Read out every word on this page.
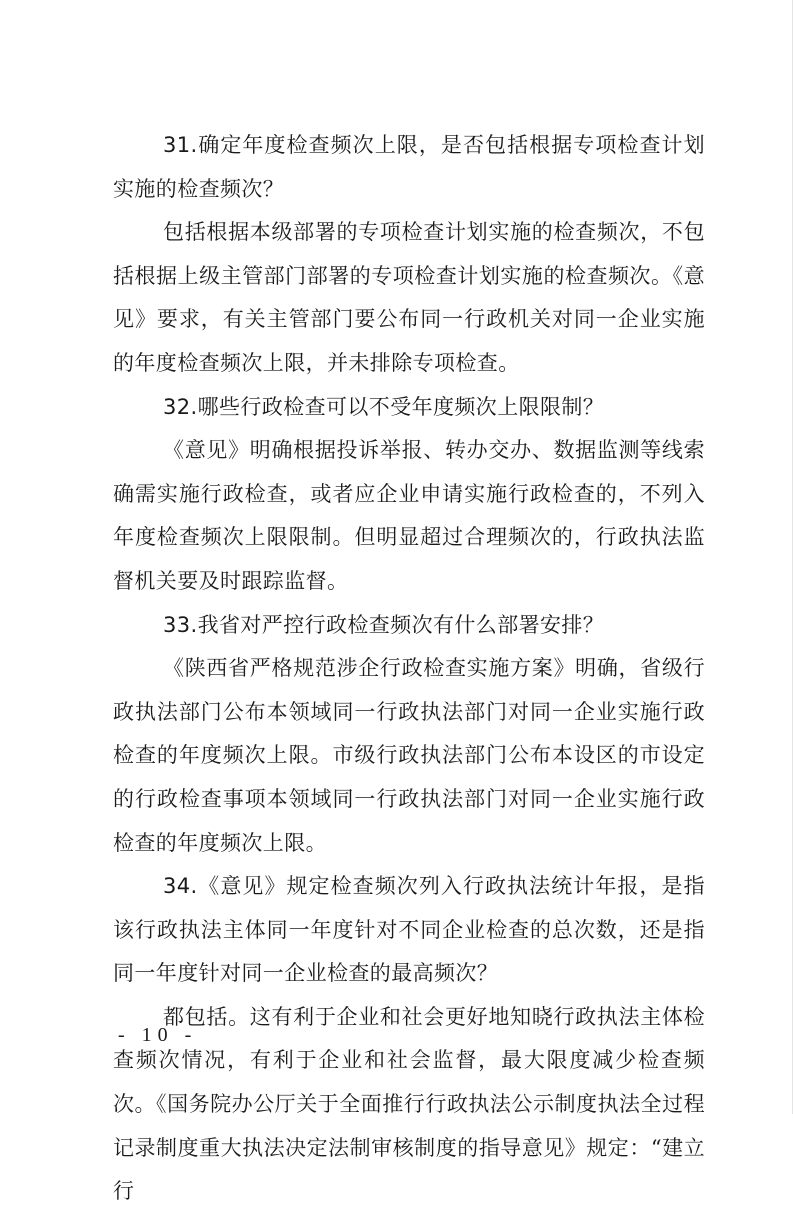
31.确定年度检查频次上限，是否包括根据专项检查计划实施的检查频次？

包括根据本级部署的专项检查计划实施的检查频次，不包括根据上级主管部门部署的专项检查计划实施的检查频次。《意见》要求，有关主管部门要公布同一行政机关对同一企业实施的年度检查频次上限，并未排除专项检查。

32.哪些行政检查可以不受年度频次上限限制？

《意见》明确根据投诉举报、转办交办、数据监测等线索确需实施行政检查，或者应企业申请实施行政检查的，不列入年度检查频次上限限制。但明显超过合理频次的，行政执法监督机关要及时跟踪监督。

33.我省对严控行政检查频次有什么部署安排？

《陕西省严格规范涉企行政检查实施方案》明确，省级行政执法部门公布本领域同一行政执法部门对同一企业实施行政检查的年度频次上限。市级行政执法部门公布本设区的市设定的行政检查事项本领域同一行政执法部门对同一企业实施行政检查的年度频次上限。

34.《意见》规定检查频次列入行政执法统计年报，是指该行政执法主体同一年度针对不同企业检查的总次数，还是指同一年度针对同一企业检查的最高频次？

都包括。这有利于企业和社会更好地知晓行政执法主体检查频次情况，有利于企业和社会监督，最大限度减少检查频次。《国务院办公厅关于全面推行行政执法公示制度执法全过程记录制度重大执法决定法制审核制度的指导意见》规定：“建立行

- 10 -
